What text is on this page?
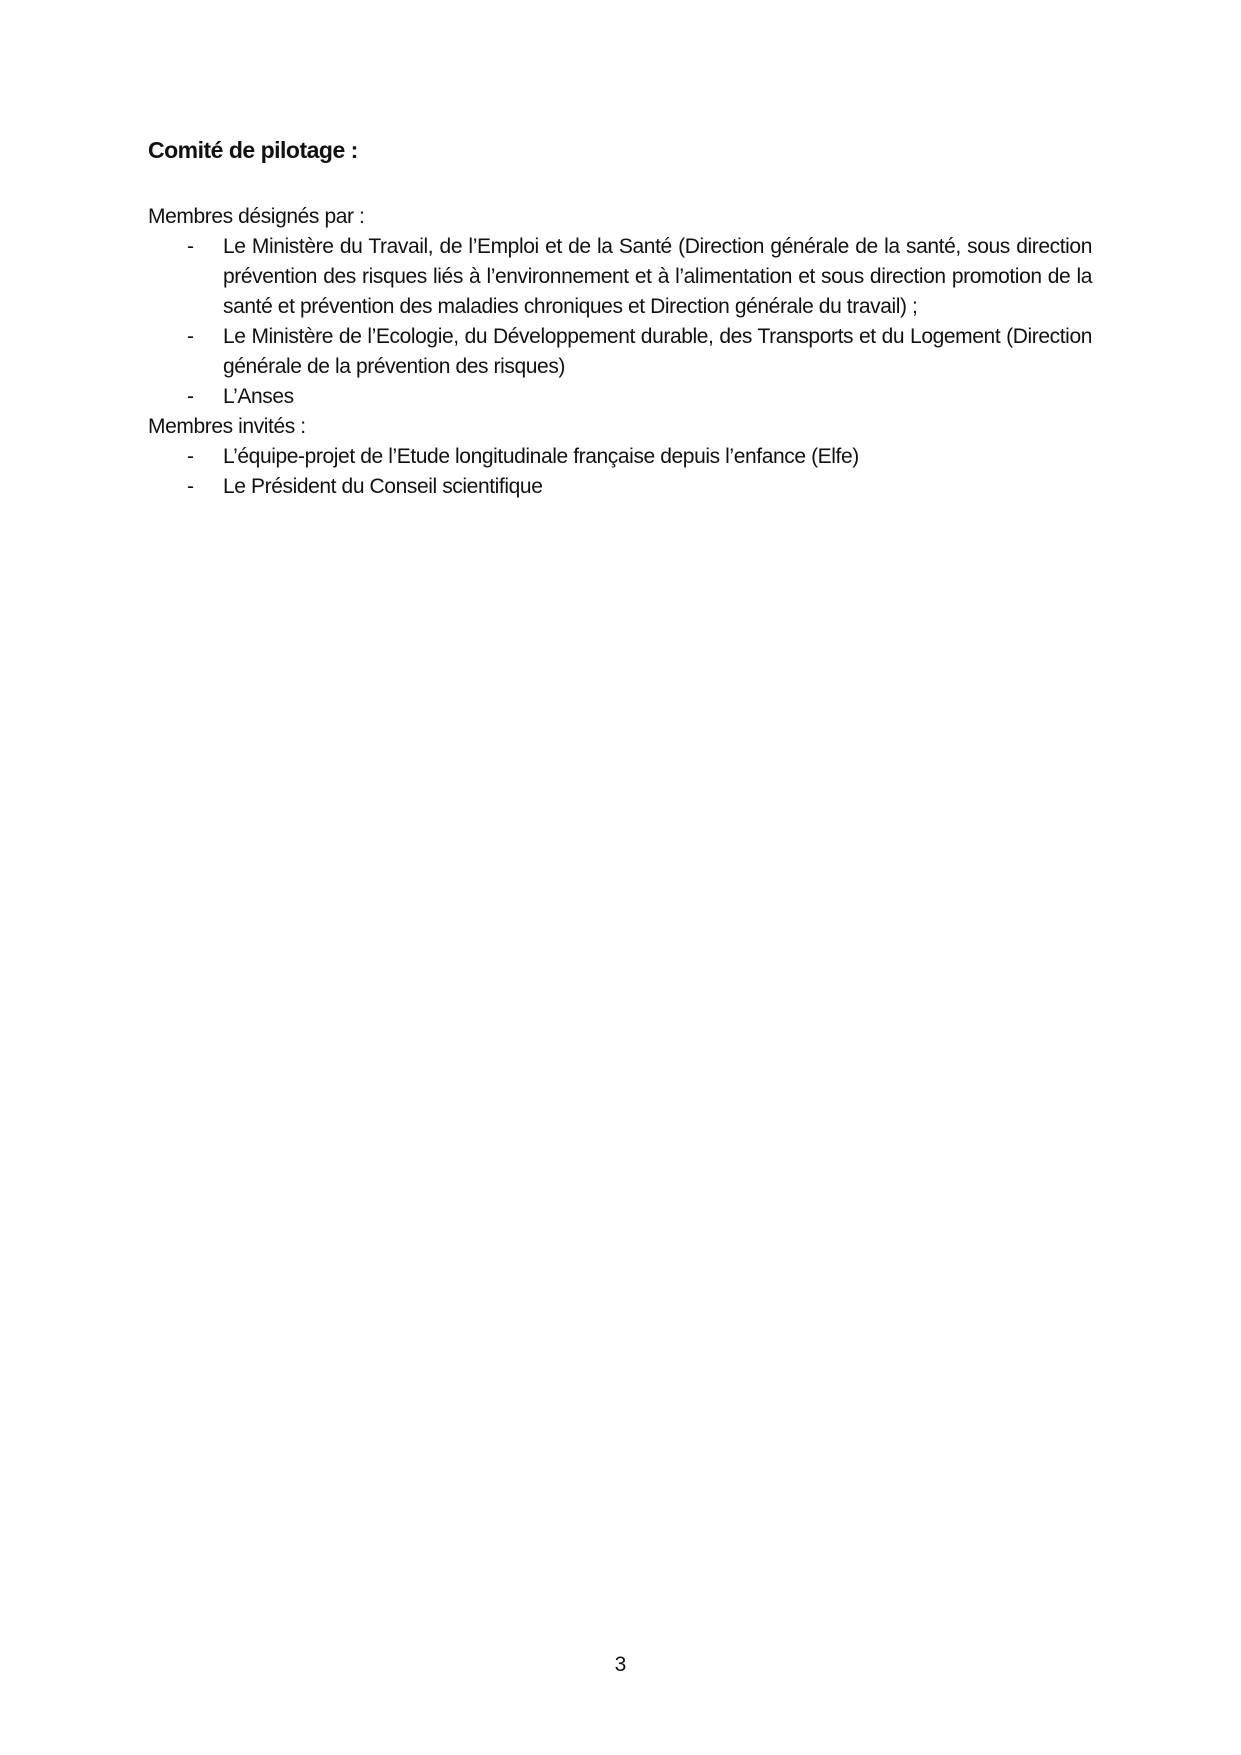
Comité de pilotage :

Membres désignés par :

- Le Ministère du Travail, de l’Emploi et de la Santé (Direction générale de la santé, sous direction prévention des risques liés à l’environnement et à l’alimentation et sous direction promotion de la santé et prévention des maladies chroniques et Direction générale du travail) ;
- Le Ministère de l’Ecologie, du Développement durable, des Transports et du Logement (Direction générale de la prévention des risques)
- L’Anses

Membres invités :

- L’équipe-projet de l’Etude longitudinale française depuis l’enfance (Elfe)
- Le Président du Conseil scientifique
3
